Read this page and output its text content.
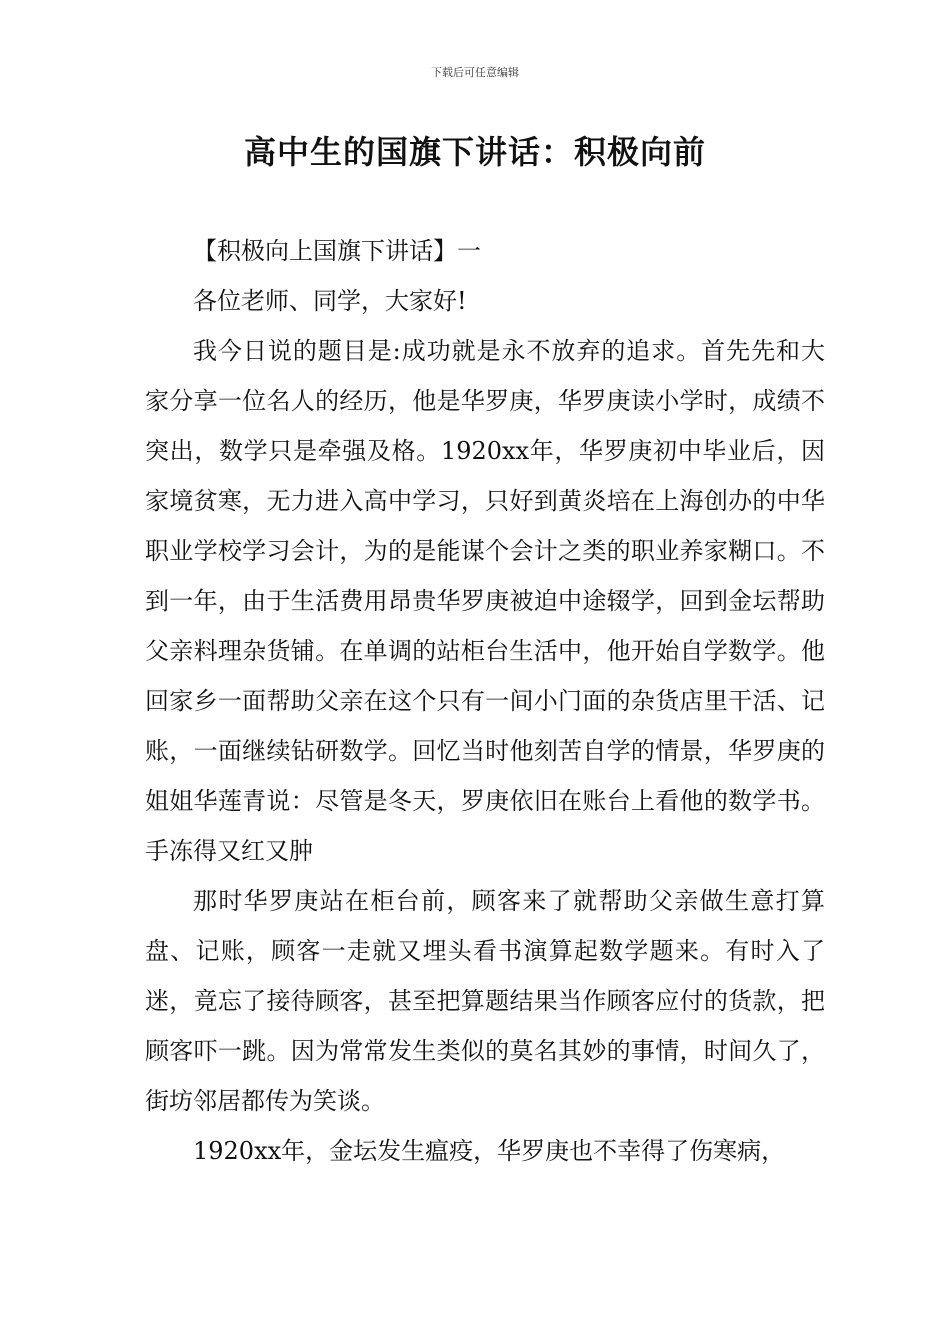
下载后可任意编辑
高中生的国旗下讲话：积极向前

【积极向上国旗下讲话】一

各位老师、同学，大家好!

我今日说的题目是:成功就是永不放弃的追求。首先先和大家分享一位名人的经历，他是华罗庚，华罗庚读小学时，成绩不突出，数学只是牵强及格。1920xx年，华罗庚初中毕业后，因家境贫寒，无力进入高中学习，只好到黄炎培在上海创办的中华职业学校学习会计，为的是能谋个会计之类的职业养家糊口。不到一年，由于生活费用昂贵华罗庚被迫中途辍学，回到金坛帮助父亲料理杂货铺。在单调的站柜台生活中，他开始自学数学。他回家乡一面帮助父亲在这个只有一间小门面的杂货店里干活、记账，一面继续钻研数学。回忆当时他刻苦自学的情景，华罗庚的姐姐华莲青说：尽管是冬天，罗庚依旧在账台上看他的数学书。手冻得又红又肿

那时华罗庚站在柜台前，顾客来了就帮助父亲做生意打算盘、记账，顾客一走就又埋头看书演算起数学题来。有时入了迷，竟忘了接待顾客，甚至把算题结果当作顾客应付的货款，把顾客吓一跳。因为常常发生类似的莫名其妙的事情，时间久了，街坊邻居都传为笑谈。

1920xx年，金坛发生瘟疫，华罗庚也不幸得了伤寒病，
